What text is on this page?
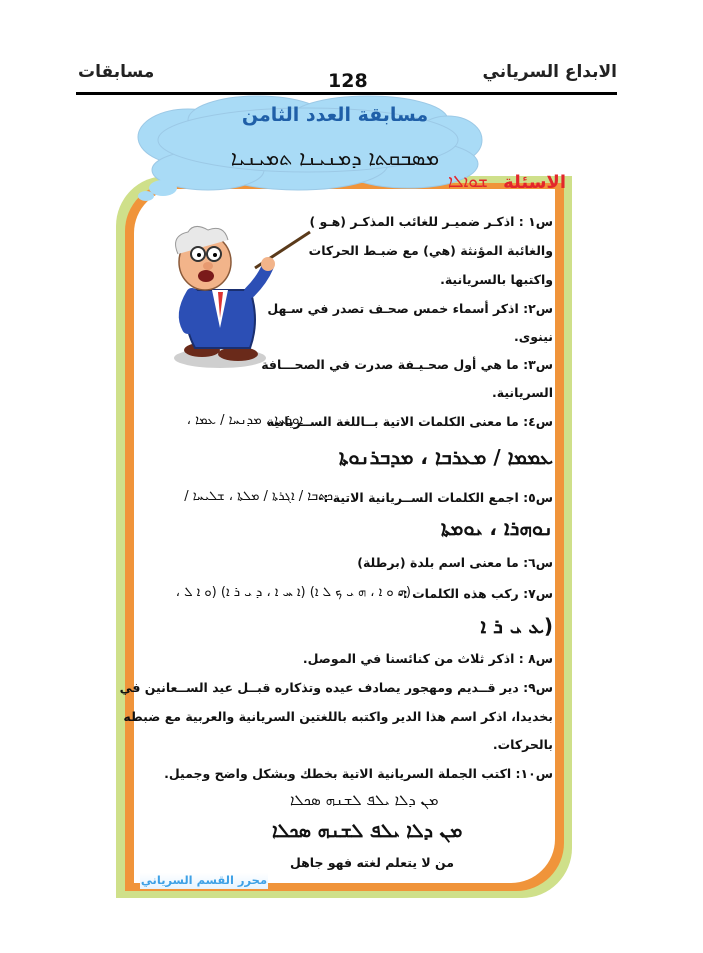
الابداع السرياني
128
مسابقات
مسابقة العدد الثامن
ܡܣܒܩܬܐ ܕܡܢܝܢܐ ܬܡܝܢܝܐ
الاسئلة
ܫܘܐܠܐ
س١ : اذكـر ضميـر للغائب المذكـر (هـو )
والغائبة المؤنثة (هي) مع ضبـط الحركات
واكتبها بالسريانية.
س٢: اذكر أسماء خمس صحـف تصدر في سـهل
نينوى.
س٣: ما هي أول صحـيـفة صدرت في الصحـــافة
السريانية.
س٤: ما معنى الكلمات الاتية بــاللغة الســريانية
ܐܘܪܚܐ ، ܡܕܢܚܐ / ܥܡܐ ،
ܥܡܡܐ / ܡܥܪܒܐ ، ܡܕܒܪܢܘܬܐ
س٥: اجمع الكلمات الســريانية الاتية :-
ܟܬܒܐ / ܐܓܪܬܐ / ܡܠܬܐ ، ܫܠܝܚܐ /
ܢܘܗܪܐ ، ܝܘܡܬܐ
س٦: ما معنى اسم بلدة (برطلة)
س٧: ركب هذه الكلمات :-
(ܗ ܘ ܐ ، ܗ ܝ ܟ ܠ ܐ) (ܐ ܚ ܐ ، ܕ ܝ ܪ ܐ) (ܘ ܐ ܠ ،
ܥ ܝ ܪ ܐ)
س٨ : اذكر ثلاث من كنائسنا في الموصل.
س٩: دير قــديم ومهجور يصادف عيده وتذكاره قبــل عيد الســعانين في
بخديدا، اذكر اسم هذا الدير واكتبه باللغتين السريانية والعربية مع ضبطه
بالحركات.
س١٠: اكتب الجملة السريانية الاتية بخطك وبشكل واضح وجميل.
ܡܢ ܕܠܐ ܝܠܦ ܠܫܢܗ ܣܟܠܐ
ܡܢ ܕܠܐ ܝܠܦ ܠܫܢܗ ܣܟܠܐ
من لا يتعلم لغته فهو جاهل
محرر القسم السرياني
